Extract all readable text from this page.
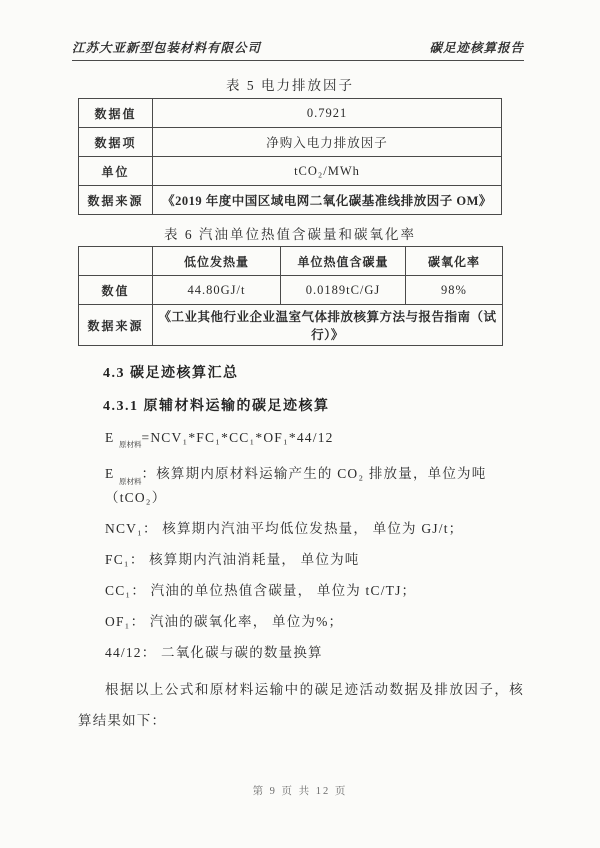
江苏大亚新型包装材料有限公司	碳足迹核算报告
表 5 电力排放因子
数据值	0.7921
数据项	净购入电力排放因子
单位	tCO₂/MWh
数据来源	《2019 年度中国区域电网二氧化碳基准线排放因子 OM》
表 6 汽油单位热值含碳量和碳氧化率
	低位发热量	单位热值含碳量	碳氧化率
数值	44.80GJ/t	0.0189tC/GJ	98%
数据来源	《工业其他行业企业温室气体排放核算方法与报告指南（试行）》		
4.3 碳足迹核算汇总
4.3.1 原辅材料运输的碳足迹核算
E $_{原材料}$=NCV₁*FC₁*CC₁*OF₁*44/12
E $_{原材料}$：核算期内原材料运输产生的 CO₂ 排放量，单位为吨（tCO₂）
NCV₁： 核算期内汽油平均低位发热量， 单位为 GJ/t；
FC₁： 核算期内汽油消耗量， 单位为吨
CC₁： 汽油的单位热值含碳量， 单位为 tC/TJ；
OF₁： 汽油的碳氧化率， 单位为%；
44/12： 二氧化碳与碳的数量换算

根据以上公式和原材料运输中的碳足迹活动数据及排放因子，核算结果如下：

第 9 页 共 12 页
